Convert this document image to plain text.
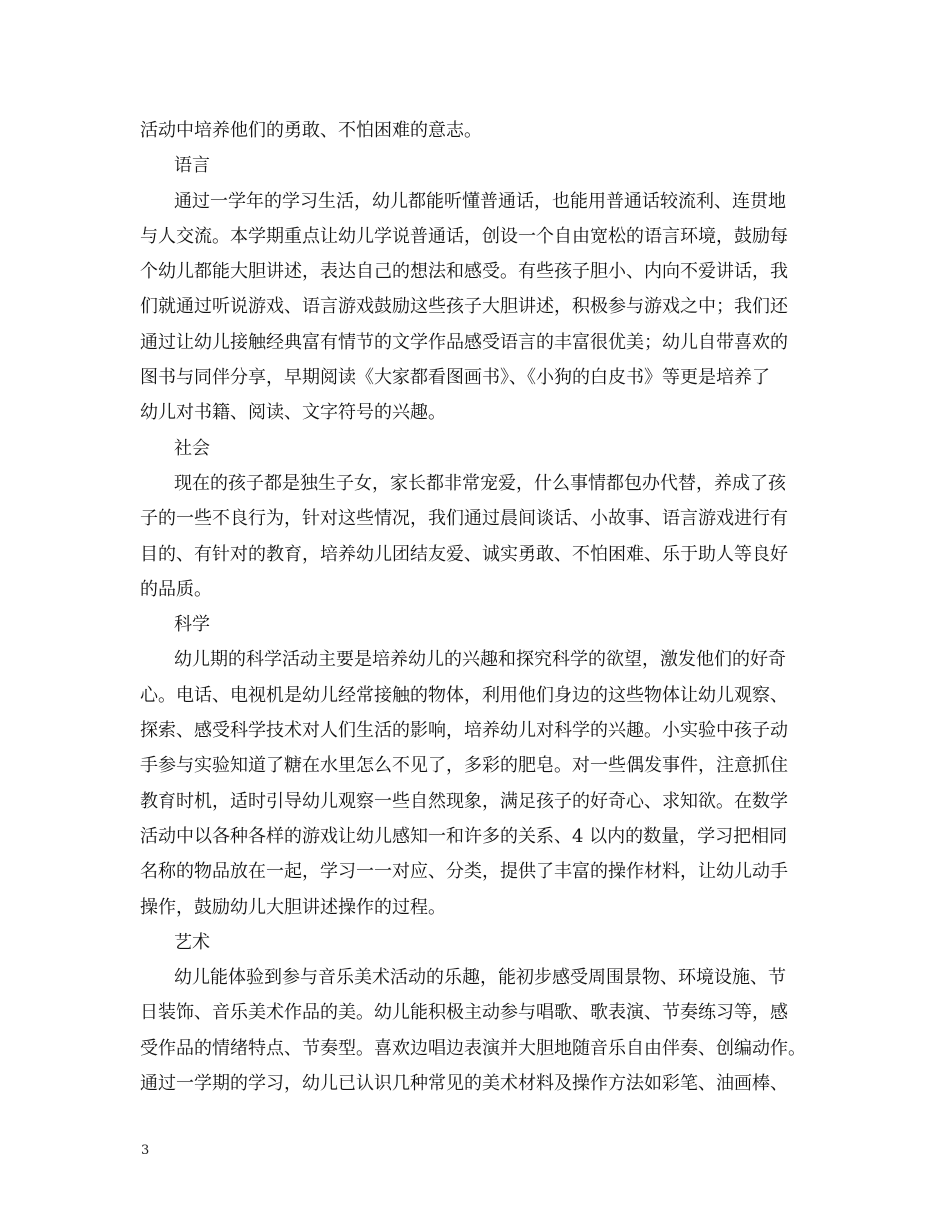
活动中培养他们的勇敢、不怕困难的意志。
语言
通过一学年的学习生活，幼儿都能听懂普通话，也能用普通话较流利、连贯地
与人交流。本学期重点让幼儿学说普通话，创设一个自由宽松的语言环境，鼓励每
个幼儿都能大胆讲述，表达自己的想法和感受。有些孩子胆小、内向不爱讲话，我
们就通过听说游戏、语言游戏鼓励这些孩子大胆讲述，积极参与游戏之中；我们还
通过让幼儿接触经典富有情节的文学作品感受语言的丰富很优美；幼儿自带喜欢的
图书与同伴分享，早期阅读《大家都看图画书》、《小狗的白皮书》等更是培养了
幼儿对书籍、阅读、文字符号的兴趣。
社会
现在的孩子都是独生子女，家长都非常宠爱，什么事情都包办代替，养成了孩
子的一些不良行为，针对这些情况，我们通过晨间谈话、小故事、语言游戏进行有
目的、有针对的教育，培养幼儿团结友爱、诚实勇敢、不怕困难、乐于助人等良好
的品质。
科学
幼儿期的科学活动主要是培养幼儿的兴趣和探究科学的欲望，激发他们的好奇
心。电话、电视机是幼儿经常接触的物体，利用他们身边的这些物体让幼儿观察、
探索、感受科学技术对人们生活的影响，培养幼儿对科学的兴趣。小实验中孩子动
手参与实验知道了糖在水里怎么不见了，多彩的肥皂。对一些偶发事件，注意抓住
教育时机，适时引导幼儿观察一些自然现象，满足孩子的好奇心、求知欲。在数学
活动中以各种各样的游戏让幼儿感知一和许多的关系、4 以内的数量，学习把相同
名称的物品放在一起，学习一一对应、分类，提供了丰富的操作材料，让幼儿动手
操作，鼓励幼儿大胆讲述操作的过程。
艺术
幼儿能体验到参与音乐美术活动的乐趣，能初步感受周围景物、环境设施、节
日装饰、音乐美术作品的美。幼儿能积极主动参与唱歌、歌表演、节奏练习等，感
受作品的情绪特点、节奏型。喜欢边唱边表演并大胆地随音乐自由伴奏、创编动作。
通过一学期的学习，幼儿已认识几种常见的美术材料及操作方法如彩笔、油画棒、
3
